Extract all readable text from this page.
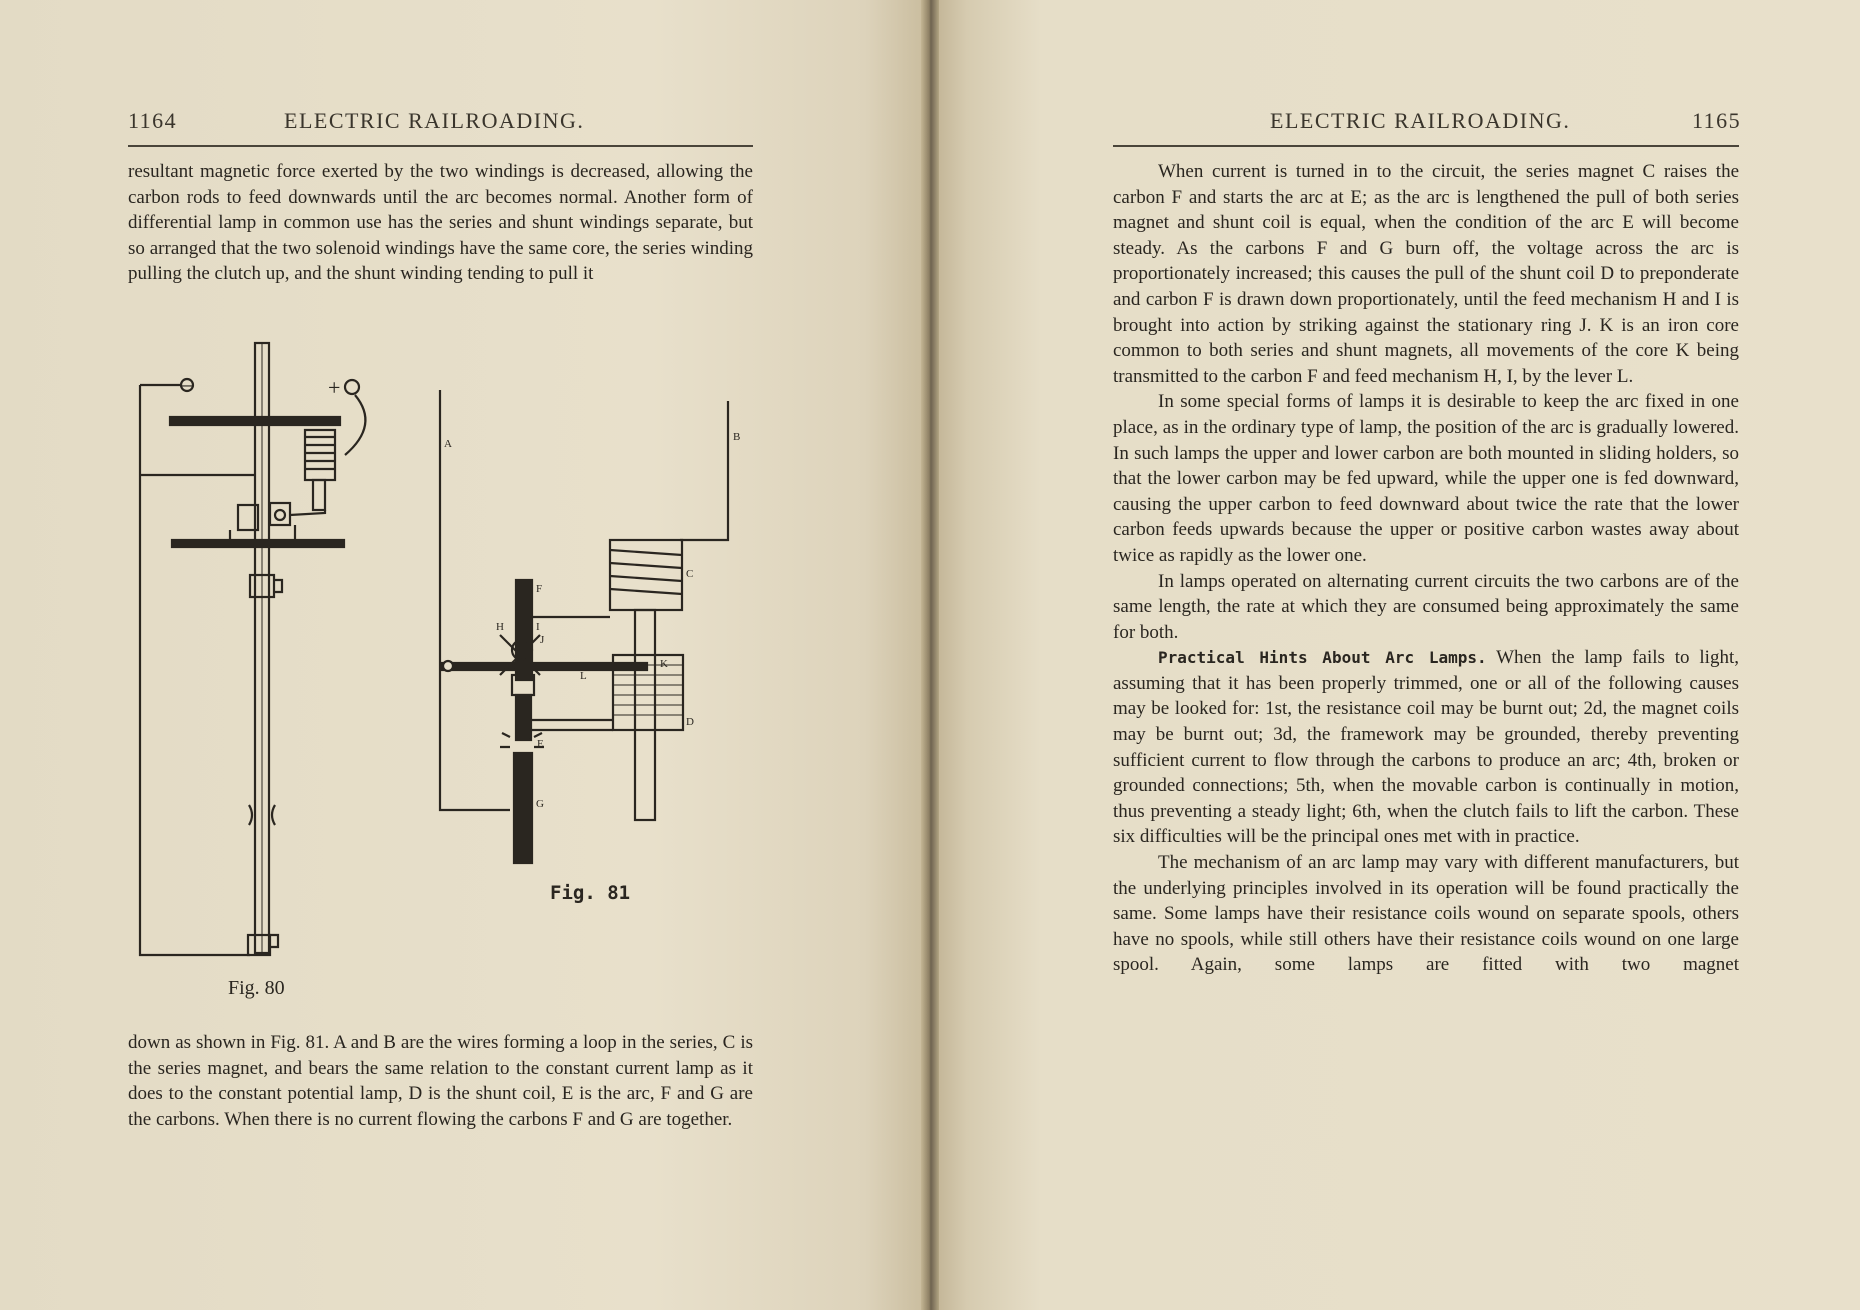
1164	ELECTRIC RAILROADING.

resultant magnetic force exerted by the two windings is decreased, allowing the carbon rods to feed downwards until the arc becomes normal. Another form of differential lamp in common use has the series and shunt windings separate, but so arranged that the two solenoid windings have the same core, the series winding pulling the clutch up, and the shunt winding tending to pull it

–	+
Fig. 80
A
B
C
D
E
F
G
H	I
J
K
L
Fig. 81

down as shown in Fig. 81. A and B are the wires forming a loop in the series, C is the series magnet, and bears the same relation to the constant current lamp as it does to the constant potential lamp, D is the shunt coil, E is the arc, F and G are the carbons. When there is no current flowing the carbons F and G are together.

ELECTRIC RAILROADING.	1165

When current is turned in to the circuit, the series magnet C raises the carbon F and starts the arc at E; as the arc is lengthened the pull of both series magnet and shunt coil is equal, when the condition of the arc E will become steady. As the carbons F and G burn off, the voltage across the arc is proportionately increased; this causes the pull of the shunt coil D to preponderate and carbon F is drawn down proportionately, until the feed mechanism H and I is brought into action by striking against the stationary ring J. K is an iron core common to both series and shunt magnets, all movements of the core K being transmitted to the carbon F and feed mechanism H, I, by the lever L.

In some special forms of lamps it is desirable to keep the arc fixed in one place, as in the ordinary type of lamp, the position of the arc is gradually lowered. In such lamps the upper and lower carbon are both mounted in sliding holders, so that the lower carbon may be fed upward, while the upper one is fed downward, causing the upper carbon to feed downward about twice the rate that the lower carbon feeds upwards because the upper or positive carbon wastes away about twice as rapidly as the lower one.

In lamps operated on alternating current circuits the two carbons are of the same length, the rate at which they are consumed being approximately the same for both.

Practical Hints About Arc Lamps. When the lamp fails to light, assuming that it has been properly trimmed, one or all of the following causes may be looked for: 1st, the resistance coil may be burnt out; 2d, the magnet coils may be burnt out; 3d, the framework may be grounded, thereby preventing sufficient current to flow through the carbons to produce an arc; 4th, broken or grounded connections; 5th, when the movable carbon is continually in motion, thus preventing a steady light; 6th, when the clutch fails to lift the carbon. These six difficulties will be the principal ones met with in practice.

The mechanism of an arc lamp may vary with different manufacturers, but the underlying principles involved in its operation will be found practically the same. Some lamps have their resistance coils wound on separate spools, others have no spools, while still others have their resistance coils wound on one large spool. Again, some lamps are fitted with two magnet
